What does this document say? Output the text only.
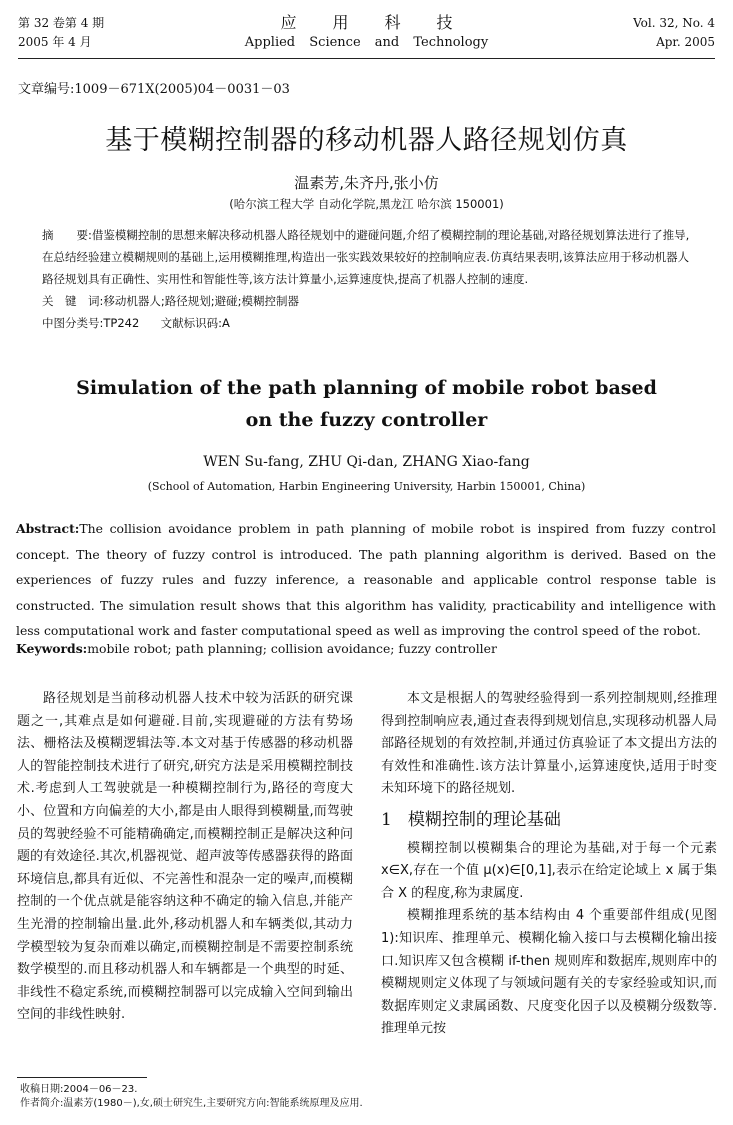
第 32 卷第 4 期
2005 年 4 月
应用科技
Applied Science and Technology
Vol. 32, No. 4
Apr. 2005
文章编号:1009－671X(2005)04－0031－03
基于模糊控制器的移动机器人路径规划仿真
温素芳,朱齐丹,张小仿
(哈尔滨工程大学 自动化学院,黑龙江 哈尔滨 150001)

摘　　要:借鉴模糊控制的思想来解决移动机器人路径规划中的避碰问题,介绍了模糊控制的理论基础,对路径规划算法进行了推导,在总结经验建立模糊规则的基础上,运用模糊推理,构造出一张实践效果较好的控制响应表.仿真结果表明,该算法应用于移动机器人路径规划具有正确性、实用性和智能性等,该方法计算量小,运算速度快,提高了机器人控制的速度.

关　键　词:移动机器人;路径规划;避碰;模糊控制器

中图分类号:TP242 文献标识码:A

Simulation of the path planning of mobile robot based
on the fuzzy controller
WEN Su-fang, ZHU Qi-dan, ZHANG Xiao-fang
(School of Automation, Harbin Engineering University, Harbin 150001, China)

Abstract:The collision avoidance problem in path planning of mobile robot is inspired from fuzzy control concept. The theory of fuzzy control is introduced. The path planning algorithm is derived. Based on the experiences of fuzzy rules and fuzzy inference, a reasonable and applicable control response table is constructed. The simulation result shows that this algorithm has validity, practicability and intelligence with less computational work and faster computational speed as well as improving the control speed of the robot.

Keywords:mobile robot; path planning; collision avoidance; fuzzy controller

路径规划是当前移动机器人技术中较为活跃的研究课题之一,其难点是如何避碰.目前,实现避碰的方法有势场法、栅格法及模糊逻辑法等.本文对基于传感器的移动机器人的智能控制技术进行了研究,研究方法是采用模糊控制技术.考虑到人工驾驶就是一种模糊控制行为,路径的弯度大小、位置和方向偏差的大小,都是由人眼得到模糊量,而驾驶员的驾驶经验不可能精确确定,而模糊控制正是解决这种问题的有效途径.其次,机器视觉、超声波等传感器获得的路面环境信息,都具有近似、不完善性和混杂一定的噪声,而模糊控制的一个优点就是能容纳这种不确定的输入信息,并能产生光滑的控制输出量.此外,移动机器人和车辆类似,其动力学模型较为复杂而难以确定,而模糊控制是不需要控制系统数学模型的.而且移动机器人和车辆都是一个典型的时延、非线性不稳定系统,而模糊控制器可以完成输入空间到输出空间的非线性映射.

本文是根据人的驾驶经验得到一系列控制规则,经推理得到控制响应表,通过查表得到规划信息,实现移动机器人局部路径规划的有效控制,并通过仿真验证了本文提出方法的有效性和准确性.该方法计算量小,运算速度快,适用于时变未知环境下的路径规划.

1 模糊控制的理论基础

模糊控制以模糊集合的理论为基础,对于每一个元素 x∈X,存在一个值 μ(x)∈[0,1],表示在给定论域上 x 属于集合 X 的程度,称为隶属度.

模糊推理系统的基本结构由 4 个重要部件组成(见图 1):知识库、推理单元、模糊化输入接口与去模糊化输出接口.知识库又包含模糊 if-then 规则库和数据库,规则库中的模糊规则定义体现了与领域问题有关的专家经验或知识,而数据库则定义隶属函数、尺度变化因子以及模糊分级数等.推理单元按

收稿日期:2004－06－23.
作者简介:温素芳(1980－),女,硕士研究生,主要研究方向:智能系统原理及应用.
